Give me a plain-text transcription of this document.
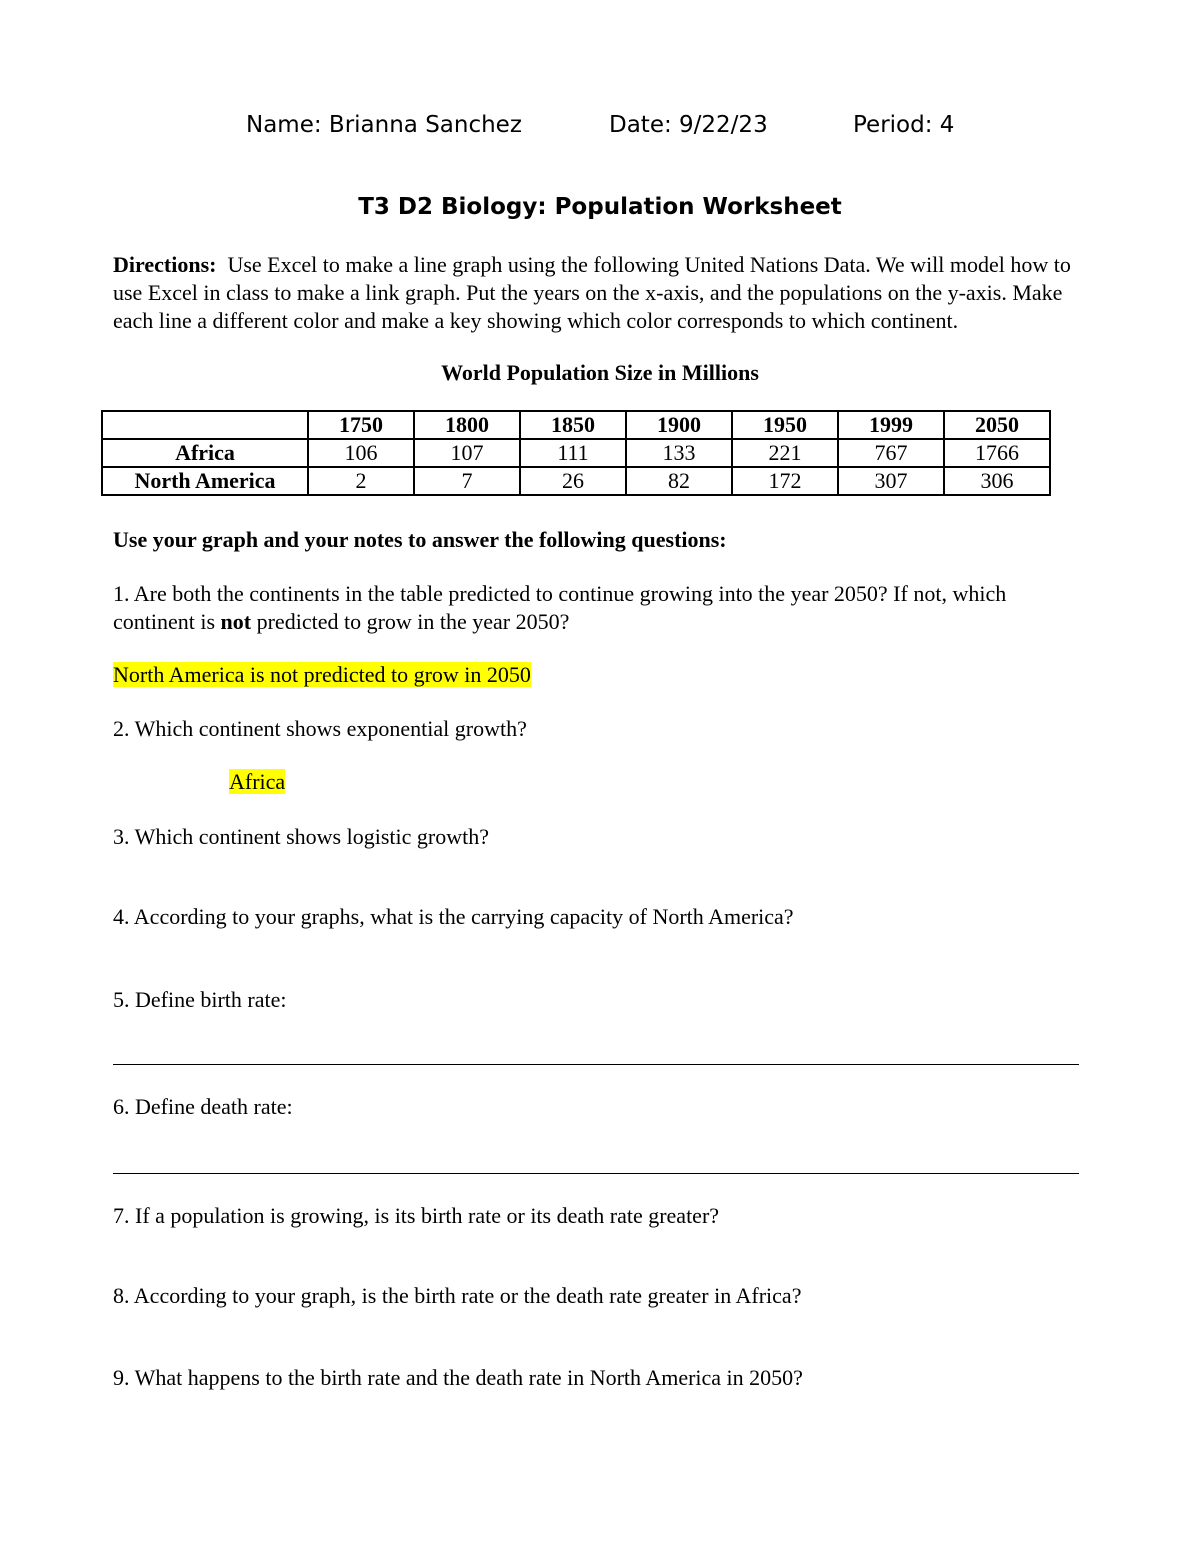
Name: Brianna Sanchez	Date: 9/22/23	Period: 4
T3 D2 Biology: Population Worksheet
Directions: Use Excel to make a line graph using the following United Nations Data. We will model how to use Excel in class to make a link graph. Put the years on the x-axis, and the populations on the y-axis. Make each line a different color and make a key showing which color corresponds to which continent.
World Population Size in Millions
	1750	1800	1850	1900	1950	1999	2050
Africa	106	107	111	133	221	767	1766
North America	2	7	26	82	172	307	306
Use your graph and your notes to answer the following questions:
1. Are both the continents in the table predicted to continue growing into the year 2050? If not, which continent is not predicted to grow in the year 2050?
North America is not predicted to grow in 2050
2. Which continent shows exponential growth?
Africa
3. Which continent shows logistic growth?
4. According to your graphs, what is the carrying capacity of North America?
5. Define birth rate:
6. Define death rate:
7. If a population is growing, is its birth rate or its death rate greater?
8. According to your graph, is the birth rate or the death rate greater in Africa?
9. What happens to the birth rate and the death rate in North America in 2050?
